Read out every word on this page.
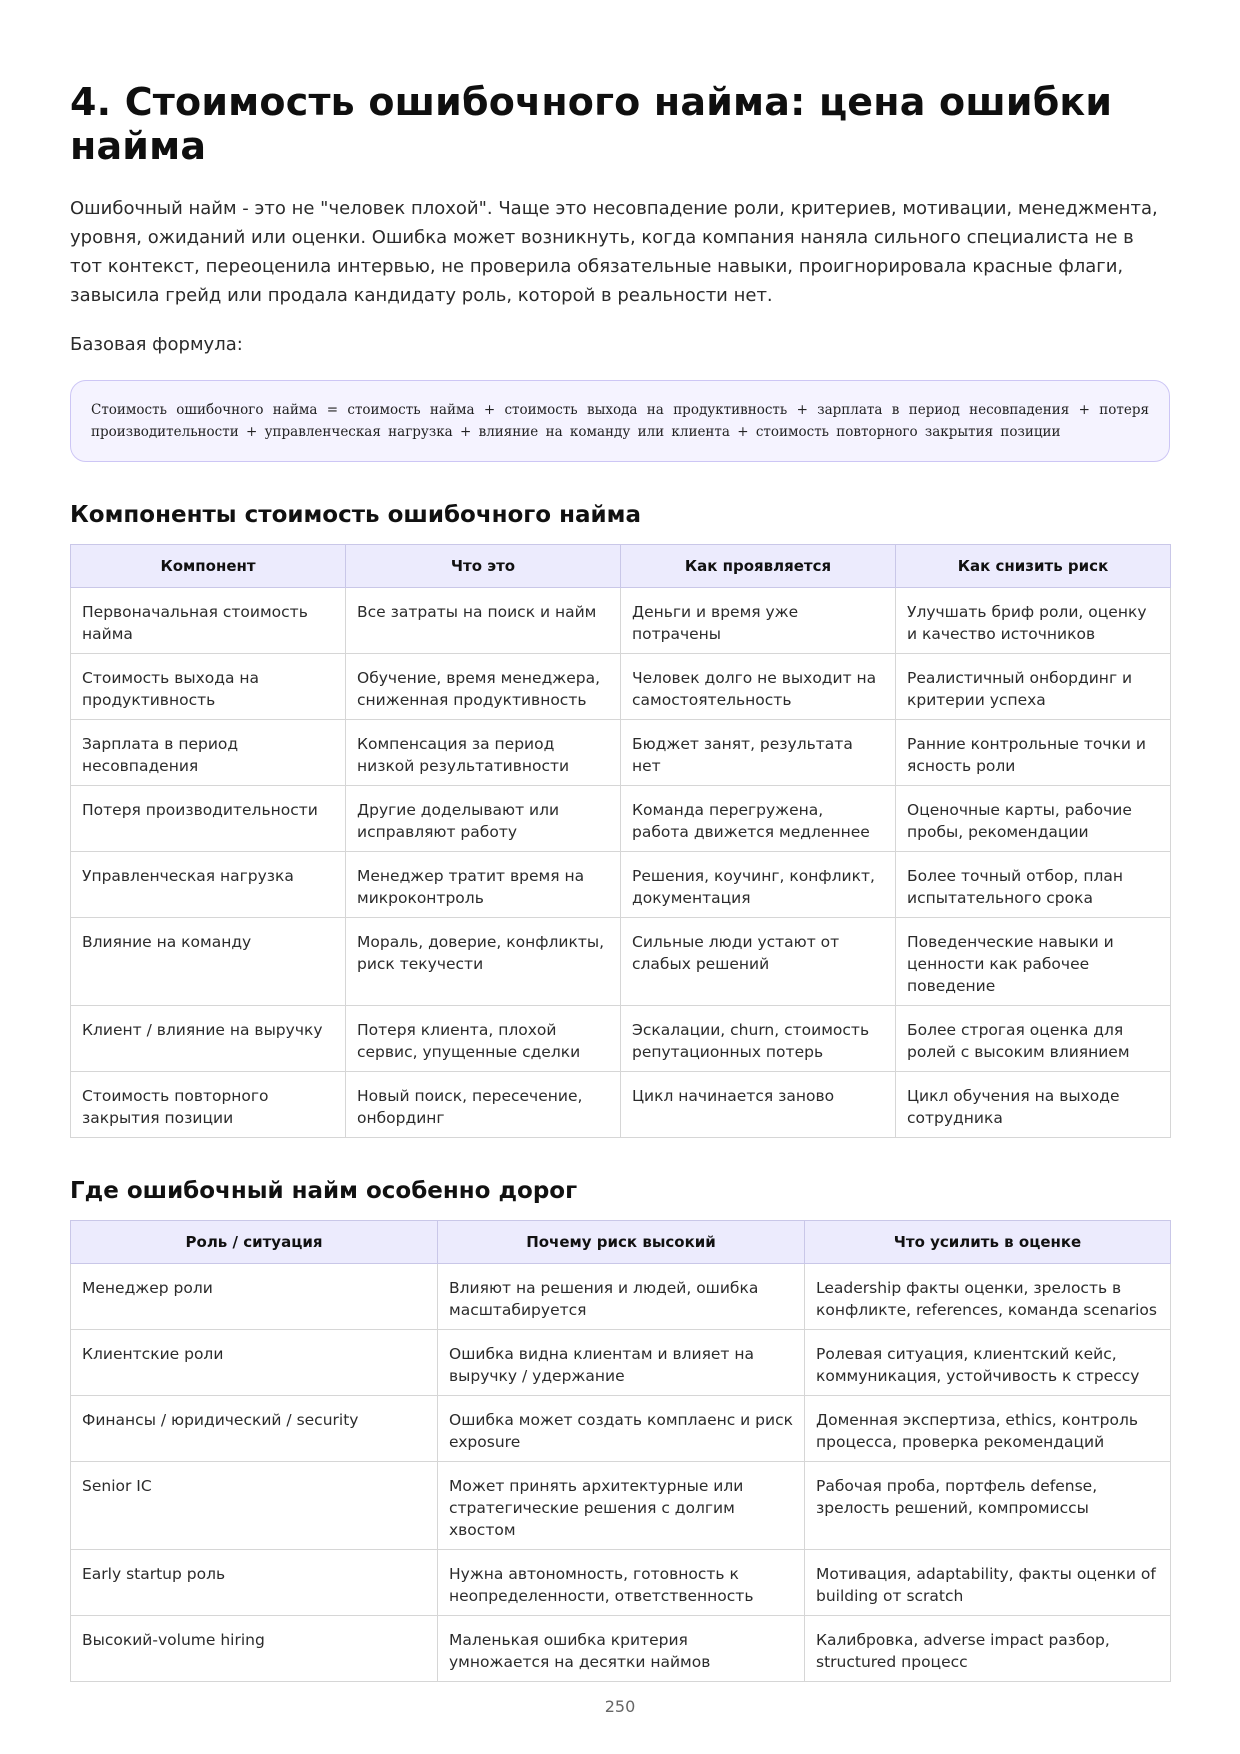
4. Стоимость ошибочного найма: цена ошибки найма

Ошибочный найм - это не "человек плохой". Чаще это несовпадение роли, критериев, мотивации, менеджмента, уровня, ожиданий или оценки. Ошибка может возникнуть, когда компания наняла сильного специалиста не в тот контекст, переоценила интервью, не проверила обязательные навыки, проигнорировала красные флаги, завысила грейд или продала кандидату роль, которой в реальности нет.

Базовая формула:

Стоимость ошибочного найма = стоимость найма + стоимость выхода на продуктивность + зарплата в период несовпадения + потеря производительности + управленческая нагрузка + влияние на команду или клиента + стоимость повторного закрытия позиции
Компоненты стоимость ошибочного найма
Компонент	Что это	Как проявляется	Как снизить риск
Первоначальная стоимость найма	Все затраты на поиск и найм	Деньги и время уже потрачены	Улучшать бриф роли, оценку и качество источников
Стоимость выхода на продуктивность	Обучение, время менеджера, сниженная продуктивность	Человек долго не выходит на самостоятельность	Реалистичный онбординг и критерии успеха
Зарплата в период несовпадения	Компенсация за период низкой результативности	Бюджет занят, результата нет	Ранние контрольные точки и ясность роли
Потеря производительности	Другие доделывают или исправляют работу	Команда перегружена, работа движется медленнее	Оценочные карты, рабочие пробы, рекомендации
Управленческая нагрузка	Менеджер тратит время на микроконтроль	Решения, коучинг, конфликт, документация	Более точный отбор, план испытательного срока
Влияние на команду	Мораль, доверие, конфликты, риск текучести	Сильные люди устают от слабых решений	Поведенческие навыки и ценности как рабочее поведение
Клиент / влияние на выручку	Потеря клиента, плохой сервис, упущенные сделки	Эскалации, churn, стоимость репутационных потерь	Более строгая оценка для ролей с высоким влиянием
Стоимость повторного закрытия позиции	Новый поиск, пересечение, онбординг	Цикл начинается заново	Цикл обучения на выходе сотрудника
Где ошибочный найм особенно дорог
Роль / ситуация	Почему риск высокий	Что усилить в оценке
Менеджер роли	Влияют на решения и людей, ошибка масштабируется	Leadership факты оценки, зрелость в конфликте, references, команда scenarios
Клиентские роли	Ошибка видна клиентам и влияет на выручку / удержание	Ролевая ситуация, клиентский кейс, коммуникация, устойчивость к стрессу
Финансы / юридический / security	Ошибка может создать комплаенс и риск exposure	Доменная экспертиза, ethics, контроль процесса, проверка рекомендаций
Senior IC	Может принять архитектурные или стратегические решения с долгим хвостом	Рабочая проба, портфель defense, зрелость решений, компромиссы
Early startup роль	Нужна автономность, готовность к неопределенности, ответственность	Мотивация, adaptability, факты оценки of building от scratch
Высокий-volume hiring	Маленькая ошибка критерия умножается на десятки наймов	Калибровка, adverse impact разбор, structured процесс
250
